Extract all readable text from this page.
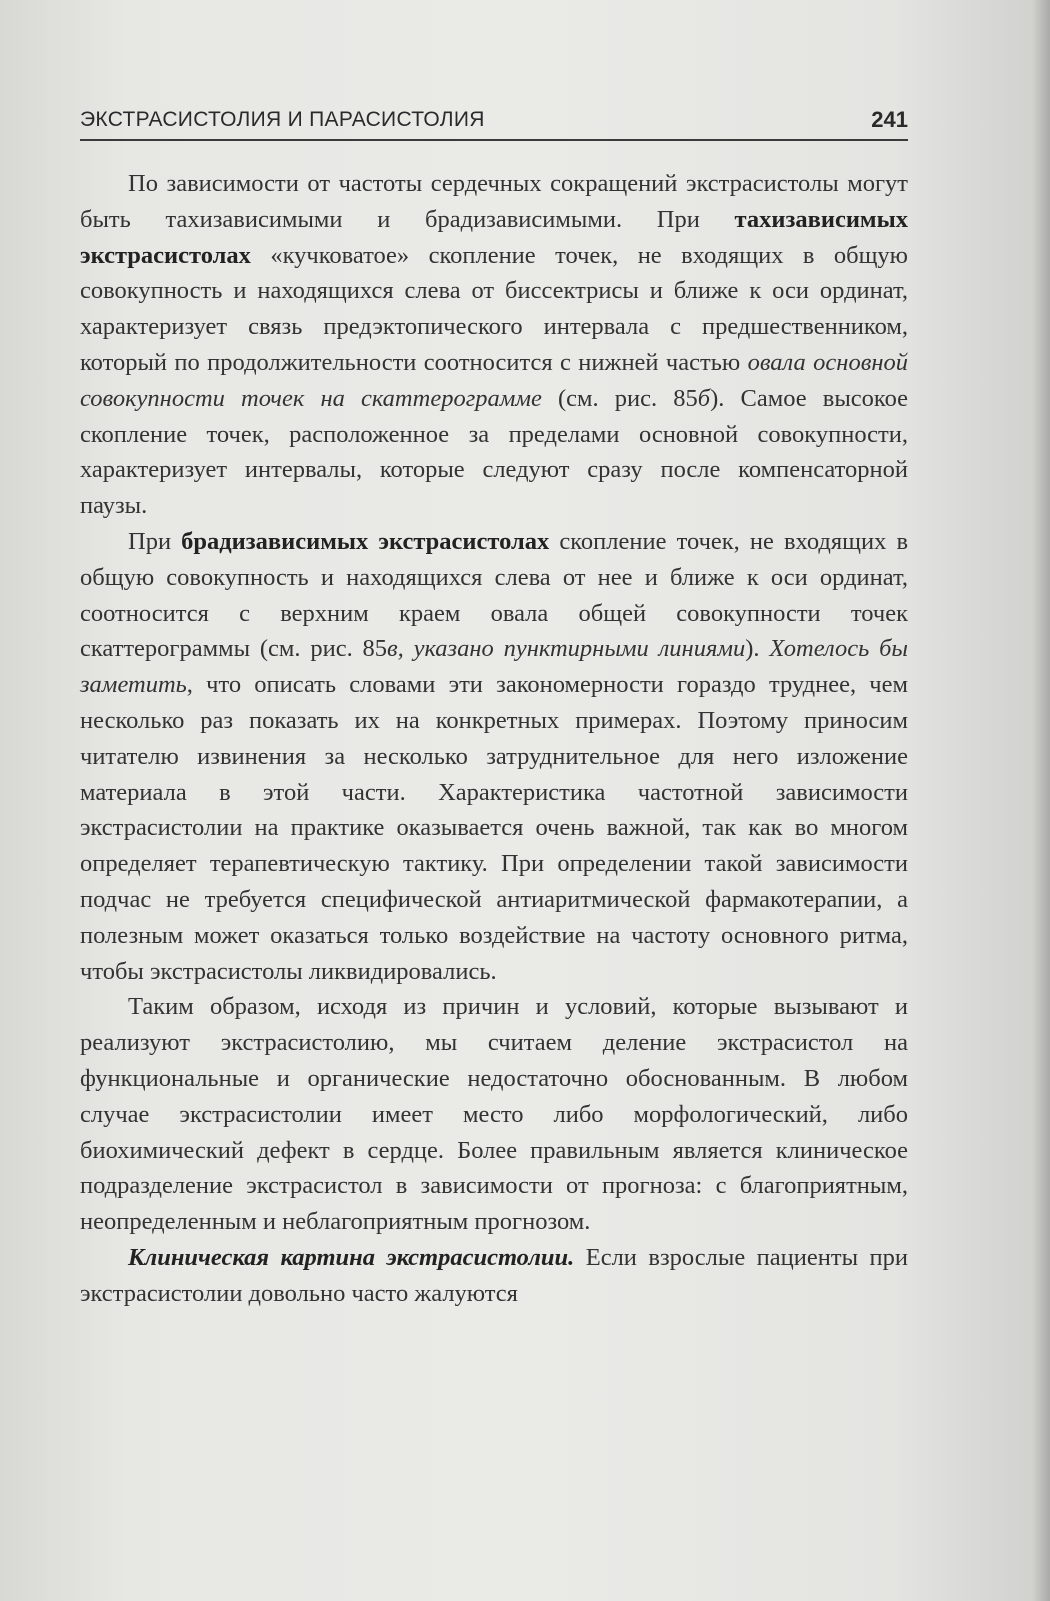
ЭКСТРАСИСТОЛИЯ И ПАРАСИСТОЛИЯ	241

По зависимости от частоты сердечных сокращений экстрасистолы могут быть тахизависимыми и брадизависимыми. При тахизависимых экстрасистолах «кучковатое» скопление точек, не входящих в общую совокупность и находящихся слева от биссектрисы и ближе к оси ординат, характеризует связь предэктопического интервала с предшественником, который по продолжительности соотносится с нижней частью овала основной совокупности точек на скаттерограмме (см. рис. 85б). Самое высокое скопление точек, расположенное за пределами основной совокупности, характеризует интервалы, которые следуют сразу после компенсаторной паузы.

При брадизависимых экстрасистолах скопление точек, не входящих в общую совокупность и находящихся слева от нее и ближе к оси ординат, соотносится с верхним краем овала общей совокупности точек скаттерограммы (см. рис. 85в, указано пунктирными линиями). Хотелось бы заметить, что описать словами эти закономерности гораздо труднее, чем несколько раз показать их на конкретных примерах. Поэтому приносим читателю извинения за несколько затруднительное для него изложение материала в этой части. Характеристика частотной зависимости экстрасистолии на практике оказывается очень важной, так как во многом определяет терапевтическую тактику. При определении такой зависимости подчас не требуется специфической антиаритмической фармакотерапии, а полезным может оказаться только воздействие на частоту основного ритма, чтобы экстрасистолы ликвидировались.

Таким образом, исходя из причин и условий, которые вызывают и реализуют экстрасистолию, мы считаем деление экстрасистол на функциональные и органические недостаточно обоснованным. В любом случае экстрасистолии имеет место либо морфологический, либо биохимический дефект в сердце. Более правильным является клиническое подразделение экстрасистол в зависимости от прогноза: с благоприятным, неопределенным и неблагоприятным прогнозом.

Клиническая картина экстрасистолии. Если взрослые пациенты при экстрасистолии довольно часто жалуются
